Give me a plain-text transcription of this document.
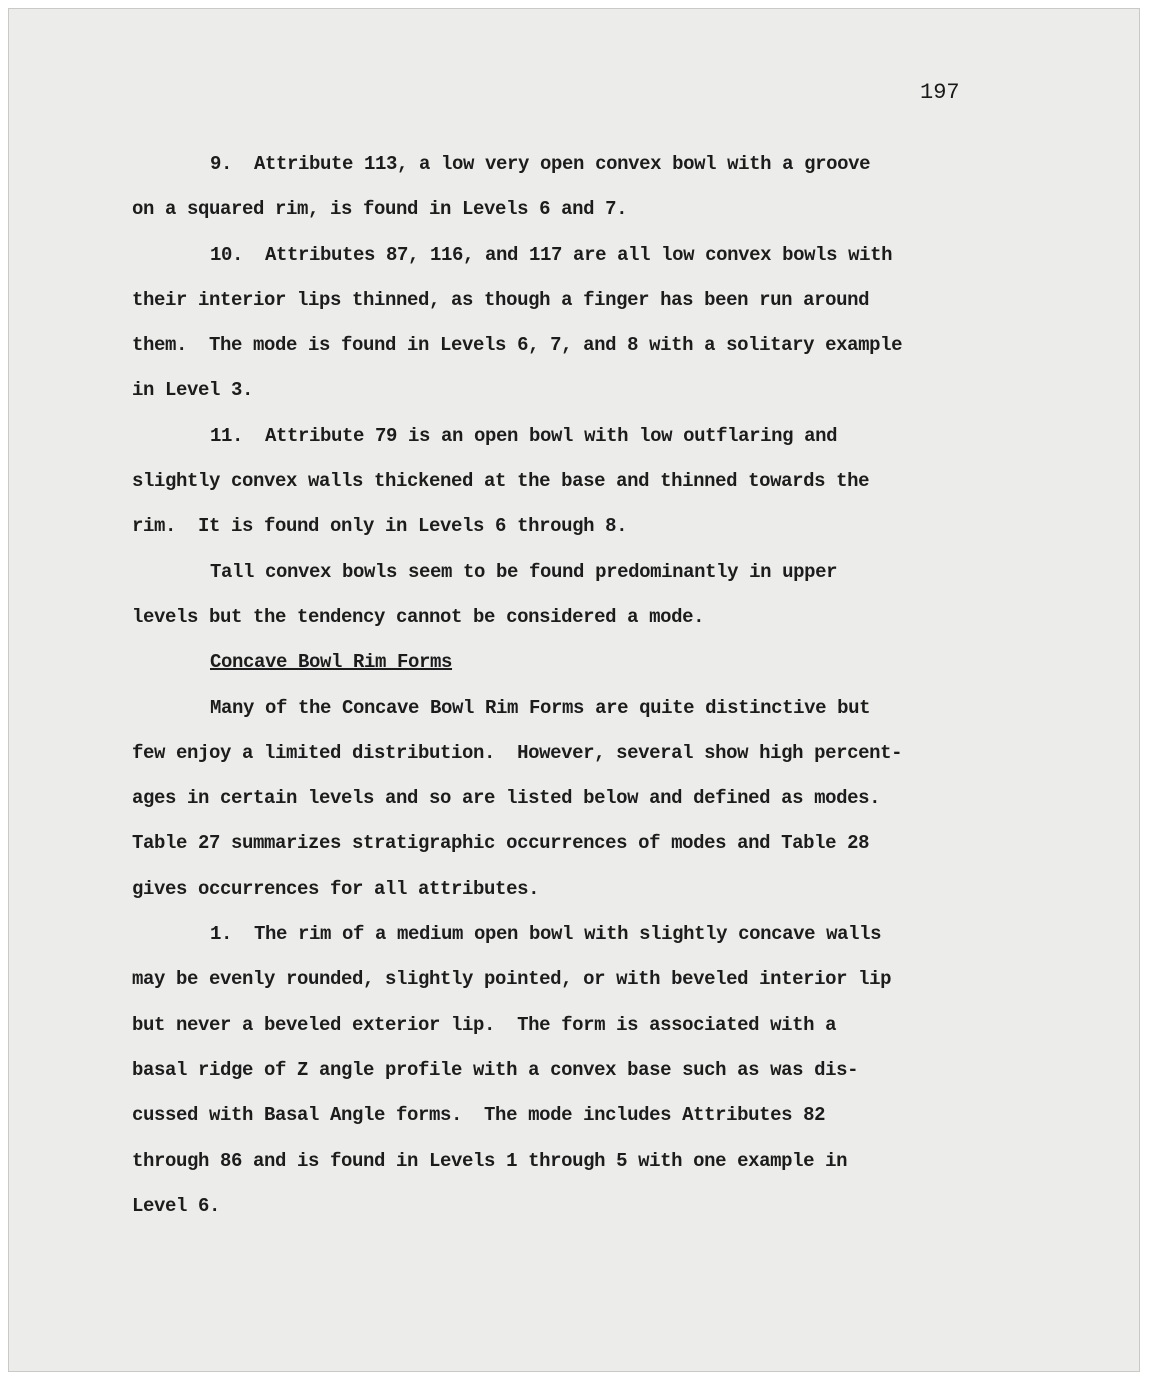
197
9.  Attribute 113, a low very open convex bowl with a groove
on a squared rim, is found in Levels 6 and 7.
10.  Attributes 87, 116, and 117 are all low convex bowls with
their interior lips thinned, as though a finger has been run around
them.  The mode is found in Levels 6, 7, and 8 with a solitary example
in Level 3.
11.  Attribute 79 is an open bowl with low outflaring and
slightly convex walls thickened at the base and thinned towards the
rim.  It is found only in Levels 6 through 8.
Tall convex bowls seem to be found predominantly in upper
levels but the tendency cannot be considered a mode.
Concave Bowl Rim Forms
Many of the Concave Bowl Rim Forms are quite distinctive but
few enjoy a limited distribution.  However, several show high percent-
ages in certain levels and so are listed below and defined as modes.
Table 27 summarizes stratigraphic occurrences of modes and Table 28
gives occurrences for all attributes.
1.  The rim of a medium open bowl with slightly concave walls
may be evenly rounded, slightly pointed, or with beveled interior lip
but never a beveled exterior lip.  The form is associated with a
basal ridge of Z angle profile with a convex base such as was dis-
cussed with Basal Angle forms.  The mode includes Attributes 82
through 86 and is found in Levels 1 through 5 with one example in
Level 6.
